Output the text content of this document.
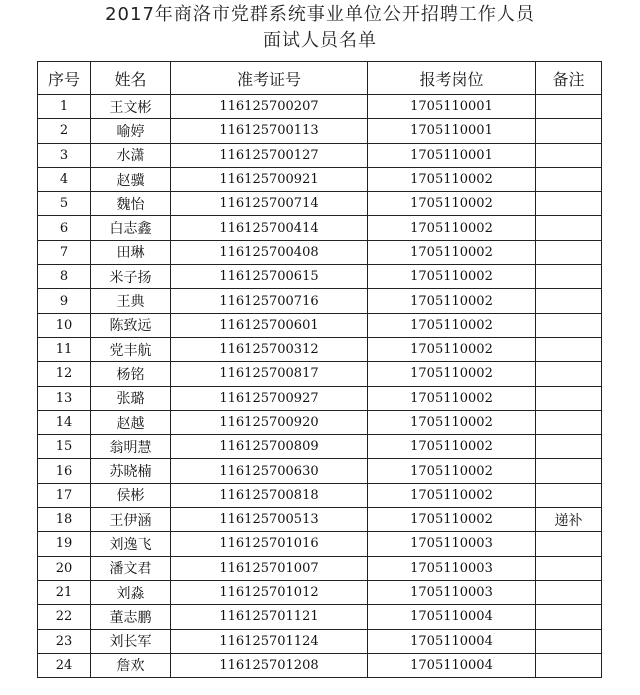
2017年商洛市党群系统事业单位公开招聘工作人员
面试人员名单
序号	姓名	准考证号	报考岗位	备注
1	王文彬	116125700207	1705110001	
2	喻婷	116125700113	1705110001	
3	水潇	116125700127	1705110001	
4	赵骥	116125700921	1705110002	
5	魏怡	116125700714	1705110002	
6	白志鑫	116125700414	1705110002	
7	田琳	116125700408	1705110002	
8	米子扬	116125700615	1705110002	
9	王典	116125700716	1705110002	
10	陈致远	116125700601	1705110002	
11	党丰航	116125700312	1705110002	
12	杨铭	116125700817	1705110002	
13	张璐	116125700927	1705110002	
14	赵越	116125700920	1705110002	
15	翁明慧	116125700809	1705110002	
16	苏晓楠	116125700630	1705110002	
17	侯彬	116125700818	1705110002	
18	王伊涵	116125700513	1705110002	递补
19	刘逸飞	116125701016	1705110003	
20	潘文君	116125701007	1705110003	
21	刘淼	116125701012	1705110003	
22	董志鹏	116125701121	1705110004	
23	刘长军	116125701124	1705110004	
24	詹欢	116125701208	1705110004	
